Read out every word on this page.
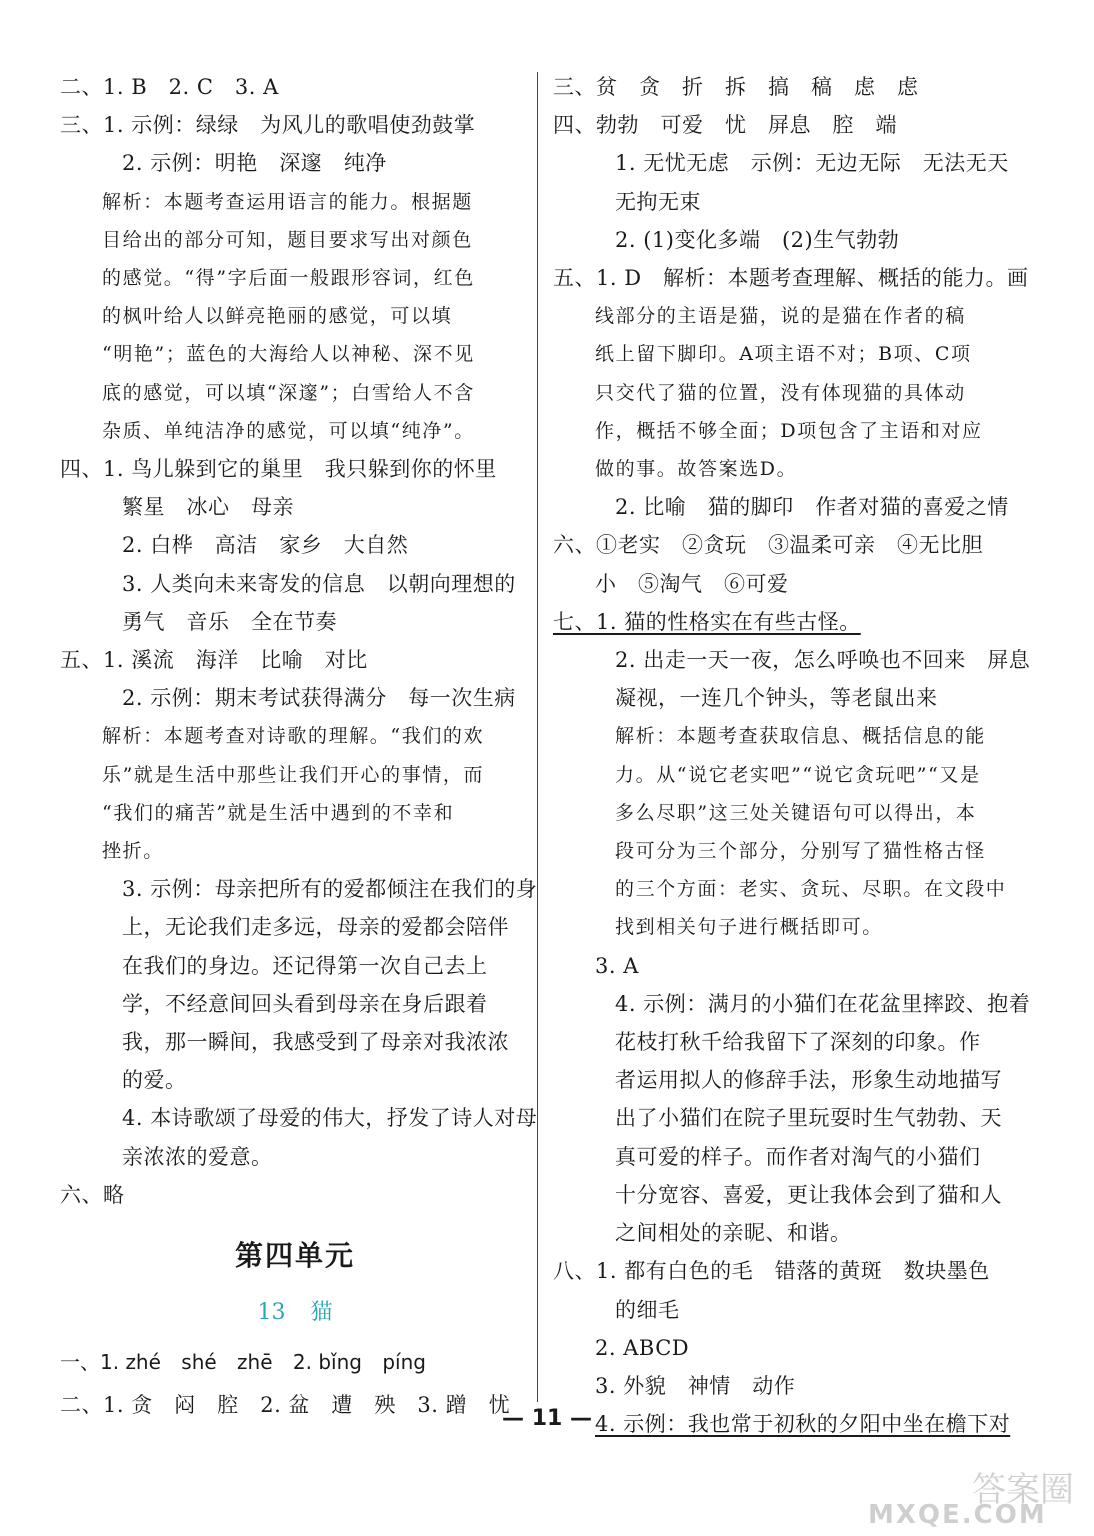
二、1. B　2. C　3. A
三、1. 示例：绿绿　为风儿的歌唱使劲鼓掌
2. 示例：明艳　深邃　纯净
解析：本题考查运用语言的能力。根据题
目给出的部分可知，题目要求写出对颜色
的感觉。“得”字后面一般跟形容词，红色
的枫叶给人以鲜亮艳丽的感觉，可以填
“明艳”；蓝色的大海给人以神秘、深不见
底的感觉，可以填“深邃”；白雪给人不含
杂质、单纯洁净的感觉，可以填“纯净”。
四、1. 鸟儿躲到它的巢里　我只躲到你的怀里
繁星　冰心　母亲
2. 白桦　高洁　家乡　大自然
3. 人类向未来寄发的信息　以朝向理想的
勇气　音乐　全在节奏
五、1. 溪流　海洋　比喻　对比
2. 示例：期末考试获得满分　每一次生病
解析：本题考查对诗歌的理解。“我们的欢
乐”就是生活中那些让我们开心的事情，而
“我们的痛苦”就是生活中遇到的不幸和
挫折。
3. 示例：母亲把所有的爱都倾注在我们的身
上，无论我们走多远，母亲的爱都会陪伴
在我们的身边。还记得第一次自己去上
学，不经意间回头看到母亲在身后跟着
我，那一瞬间，我感受到了母亲对我浓浓
的爱。
4. 本诗歌颂了母爱的伟大，抒发了诗人对母
亲浓浓的爱意。
六、略
第四单元
13 猫
一、1. zhé shé zhē 2. bǐng píng
二、1. 贪　闷　腔　2. 盆　遭　殃　3. 蹭　忧
三、贫　贪　折　拆　搞　稿　虑　虑
四、勃勃　可爱　忧　屏息　腔　端
1. 无忧无虑　示例：无边无际　无法无天
无拘无束
2. (1)变化多端　(2)生气勃勃
五、1. D　解析：本题考查理解、概括的能力。画
线部分的主语是猫，说的是猫在作者的稿
纸上留下脚印。A项主语不对；B项、C项
只交代了猫的位置，没有体现猫的具体动
作，概括不够全面；D项包含了主语和对应
做的事。故答案选D。
2. 比喻　猫的脚印　作者对猫的喜爱之情
六、①老实　②贪玩　③温柔可亲　④无比胆
小　⑤淘气　⑥可爱
七、1. 猫的性格实在有些古怪。
2. 出走一天一夜，怎么呼唤也不回来　屏息
凝视，一连几个钟头，等老鼠出来
解析：本题考查获取信息、概括信息的能
力。从“说它老实吧”“说它贪玩吧”“又是
多么尽职”这三处关键语句可以得出，本
段可分为三个部分，分别写了猫性格古怪
的三个方面：老实、贪玩、尽职。在文段中
找到相关句子进行概括即可。
3. A
4. 示例：满月的小猫们在花盆里摔跤、抱着
花枝打秋千给我留下了深刻的印象。作
者运用拟人的修辞手法，形象生动地描写
出了小猫们在院子里玩耍时生气勃勃、天
真可爱的样子。而作者对淘气的小猫们
十分宽容、喜爱，更让我体会到了猫和人
之间相处的亲昵、和谐。
八、1. 都有白色的毛　错落的黄斑　数块墨色
的细毛
2. ABCD
3. 外貌　神情　动作
4. 示例：我也常于初秋的夕阳中坐在檐下对
— 11 —
答案圈
MXQE.COM
